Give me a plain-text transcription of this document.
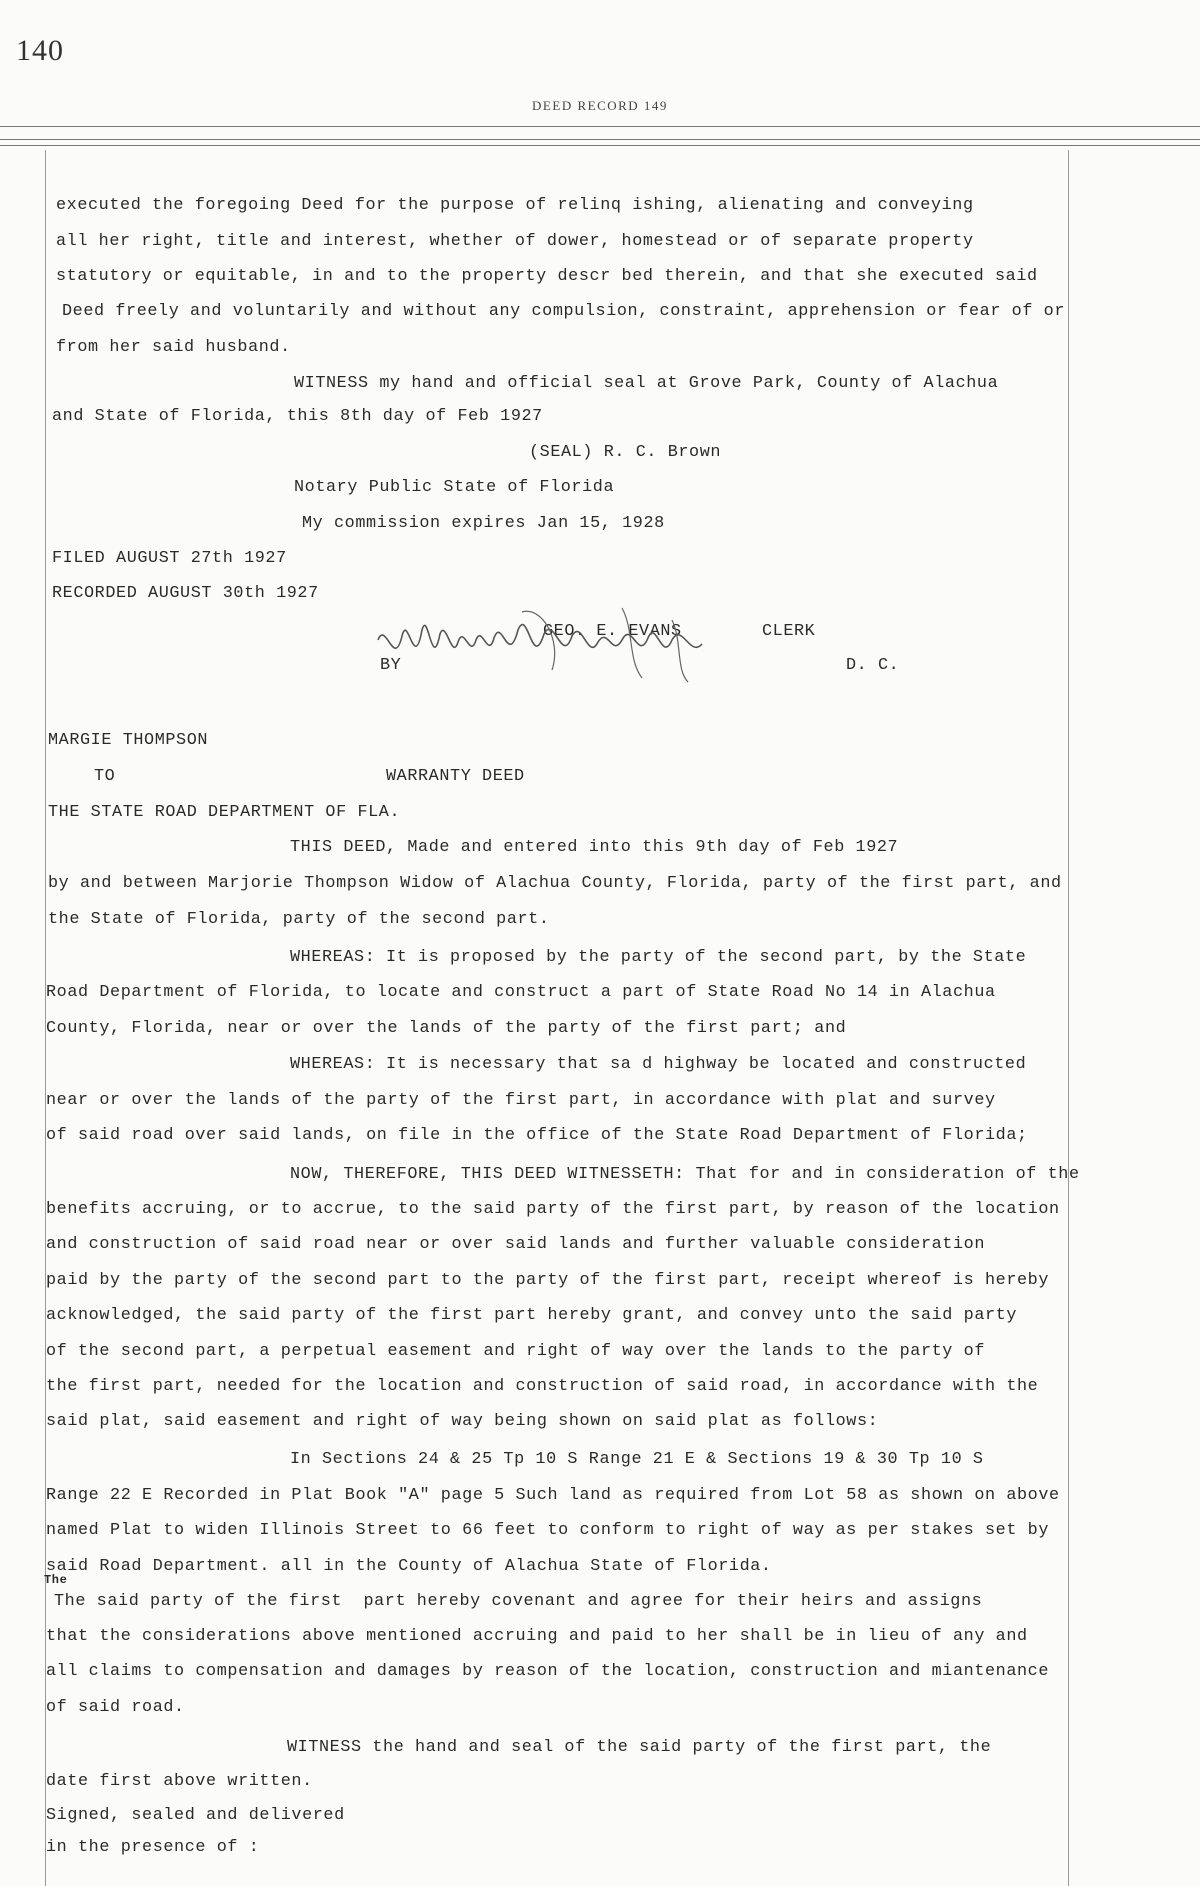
140
DEED RECORD 149
executed the foregoing Deed for the purpose of relinq ishing, alienating and conveying
all her right, title and interest, whether of dower, homestead or of separate property
statutory or equitable, in and to the property descr bed therein, and that she executed said
Deed freely and voluntarily and without any compulsion, constraint, apprehension or fear of or
from her said husband.
WITNESS my hand and official seal at Grove Park, County of Alachua
and State of Florida, this 8th day of Feb 1927
(SEAL) R. C. Brown
Notary Public State of Florida
My commission expires Jan 15, 1928
FILED AUGUST 27th 1927
RECORDED AUGUST 30th 1927
GEO. E. EVANS	CLERK
BY	D. C.
MARGIE THOMPSON
TO	WARRANTY DEED
THE STATE ROAD DEPARTMENT OF FLA.
THIS DEED, Made and entered into this 9th day of Feb 1927
by and between Marjorie Thompson Widow of Alachua County, Florida, party of the first part, and
the State of Florida, party of the second part.
WHEREAS: It is proposed by the party of the second part, by the State
Road Department of Florida, to locate and construct a part of State Road No 14 in Alachua
County, Florida, near or over the lands of the party of the first part; and
WHEREAS: It is necessary that sa d highway be located and constructed
near or over the lands of the party of the first part, in accordance with plat and survey
of said road over said lands, on file in the office of the State Road Department of Florida;
NOW, THEREFORE, THIS DEED WITNESSETH: That for and in consideration of the
benefits accruing, or to accrue, to the said party of the first part, by reason of the location
and construction of said road near or over said lands and further valuable consideration
paid by the party of the second part to the party of the first part, receipt whereof is hereby
acknowledged, the said party of the first part hereby grant, and convey unto the said party
of the second part, a perpetual easement and right of way over the lands to the party of
the first part, needed for the location and construction of said road, in accordance with the
said plat, said easement and right of way being shown on said plat as follows:
In Sections 24 & 25 Tp 10 S Range 21 E & Sections 19 & 30 Tp 10 S
Range 22 E Recorded in Plat Book "A" page 5 Such land as required from Lot 58 as shown on above
named Plat to widen Illinois Street to 66 feet to conform to right of way as per stakes set by
said Road Department. all in the County of Alachua State of Florida.
The
The said party of the first  part hereby covenant and agree for their heirs and assigns
that the considerations above mentioned accruing and paid to her shall be in lieu of any and
all claims to compensation and damages by reason of the location, construction and miantenance
of said road.
WITNESS the hand and seal of the said party of the first part, the
date first above written.
Signed, sealed and delivered
in the presence of :
